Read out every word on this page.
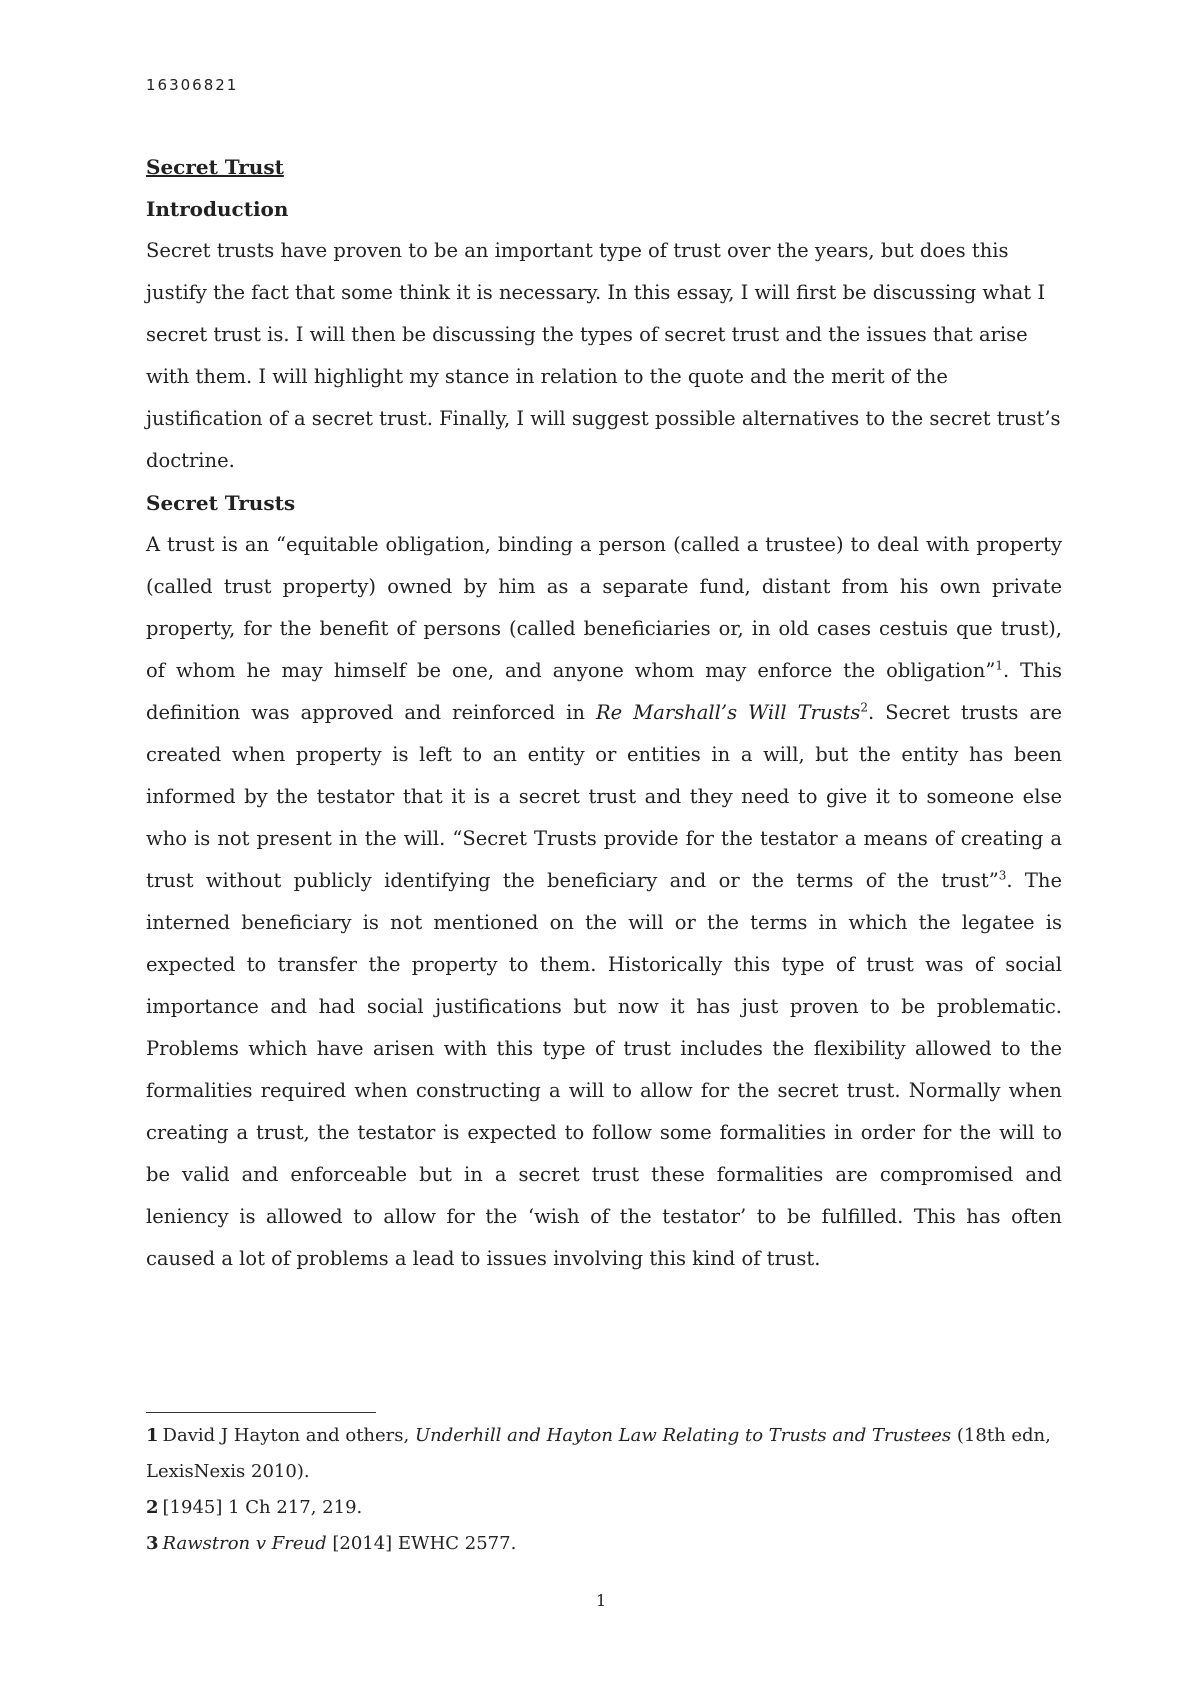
16306821

Secret Trust

Introduction

Secret trusts have proven to be an important type of trust over the years, but does this justify the fact that some think it is necessary. In this essay, I will first be discussing what I secret trust is. I will then be discussing the types of secret trust and the issues that arise with them. I will highlight my stance in relation to the quote and the merit of the justification of a secret trust. Finally, I will suggest possible alternatives to the secret trust’s doctrine.

Secret Trusts

A trust is an “equitable obligation, binding a person (called a trustee) to deal with property (called trust property) owned by him as a separate fund, distant from his own private property, for the benefit of persons (called beneficiaries or, in old cases cestuis que trust), of whom he may himself be one, and anyone whom may enforce the obligation”$^1$. This definition was approved and reinforced in Re Marshall’s Will Trusts$^2$. Secret trusts are created when property is left to an entity or entities in a will, but the entity has been informed by the testator that it is a secret trust and they need to give it to someone else who is not present in the will. “Secret Trusts provide for the testator a means of creating a trust without publicly identifying the beneficiary and or the terms of the trust”$^3$. The interned beneficiary is not mentioned on the will or the terms in which the legatee is expected to transfer the property to them. Historically this type of trust was of social importance and had social justifications but now it has just proven to be problematic. Problems which have arisen with this type of trust includes the flexibility allowed to the formalities required when constructing a will to allow for the secret trust. Normally when creating a trust, the testator is expected to follow some formalities in order for the will to be valid and enforceable but in a secret trust these formalities are compromised and leniency is allowed to allow for the ‘wish of the testator’ to be fulfilled. This has often caused a lot of problems a lead to issues involving this kind of trust.

1 David J Hayton and others, Underhill and Hayton Law Relating to Trusts and Trustees (18th edn, LexisNexis 2010).

2 [1945] 1 Ch 217, 219.

3 Rawstron v Freud [2014] EWHC 2577.

1
